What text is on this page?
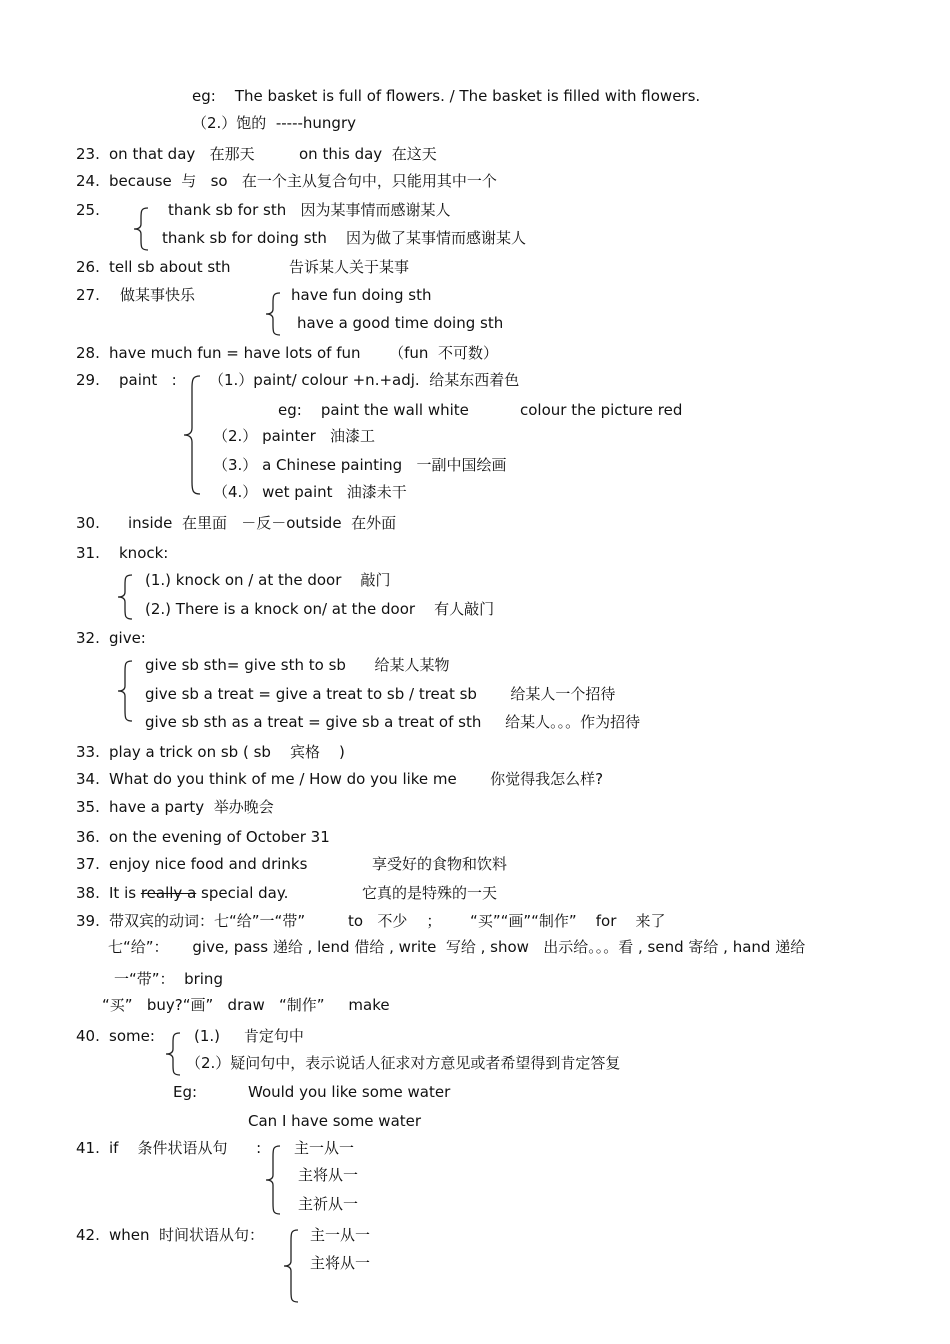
eg:    The basket is full of flowers. / The basket is filled with flowers.
（2.）饱的  -----hungry
23. on that day   在那天	on this day  在这天
24. because  与   so   在一个主从复合句中，只能用其中一个
25.	thank sb for sth   因为某事情而感谢某人
thank sb for doing sth    因为做了某事情而感谢某人
26. tell sb about sth	告诉某人关于某事
27. 做某事快乐	have fun doing sth
have a good time doing sth
28. have much fun = have lots of fun      （fun  不可数）
29. paint   : （1.）paint/ colour +n.+adj.  给某东西着色
eg:    paint the wall white	colour the picture red
（2.） painter   油漆工
（3.） a Chinese painting   一副中国绘画
（4.） wet paint   油漆未干
30. inside  在里面   －反－outside  在外面
31. knock:
(1.) knock on / at the door    敲门
(2.) There is a knock on/ at the door    有人敲门
32. give:
give sb sth= give sth to sb      给某人某物
give sb a treat = give a treat to sb / treat sb       给某人一个招待
give sb sth as a treat = give sb a treat of sth     给某人。。。作为招待
33. play a trick on sb ( sb    宾格    )
34. What do you think of me / How do you like me       你觉得我怎么样?
35. have a party  举办晚会
36. on the evening of October 31
37. enjoy nice food and drinks	享受好的食物和饮料
38. It is really a special day.	它真的是特殊的一天
39. 带双宾的动词：七“给”一“带”         to   不少    ；      “买”“画”“制作”    for    来了
七“给”：     give, pass 递给 , lend 借给 , write  写给 , show   出示给。。。看 , send 寄给 , hand 递给
一“带”：  bring
“买”   buy?“画”   draw   “制作”     make
40. some:	(1.)     肯定句中
（2.）疑问句中，表示说话人征求对方意见或者希望得到肯定答复
Eg:	Would you like some water
Can I have some water
41. if    条件状语从句      : 主一从一
主将从一
主祈从一
42. when  时间状语从句：	主一从一
主将从一
